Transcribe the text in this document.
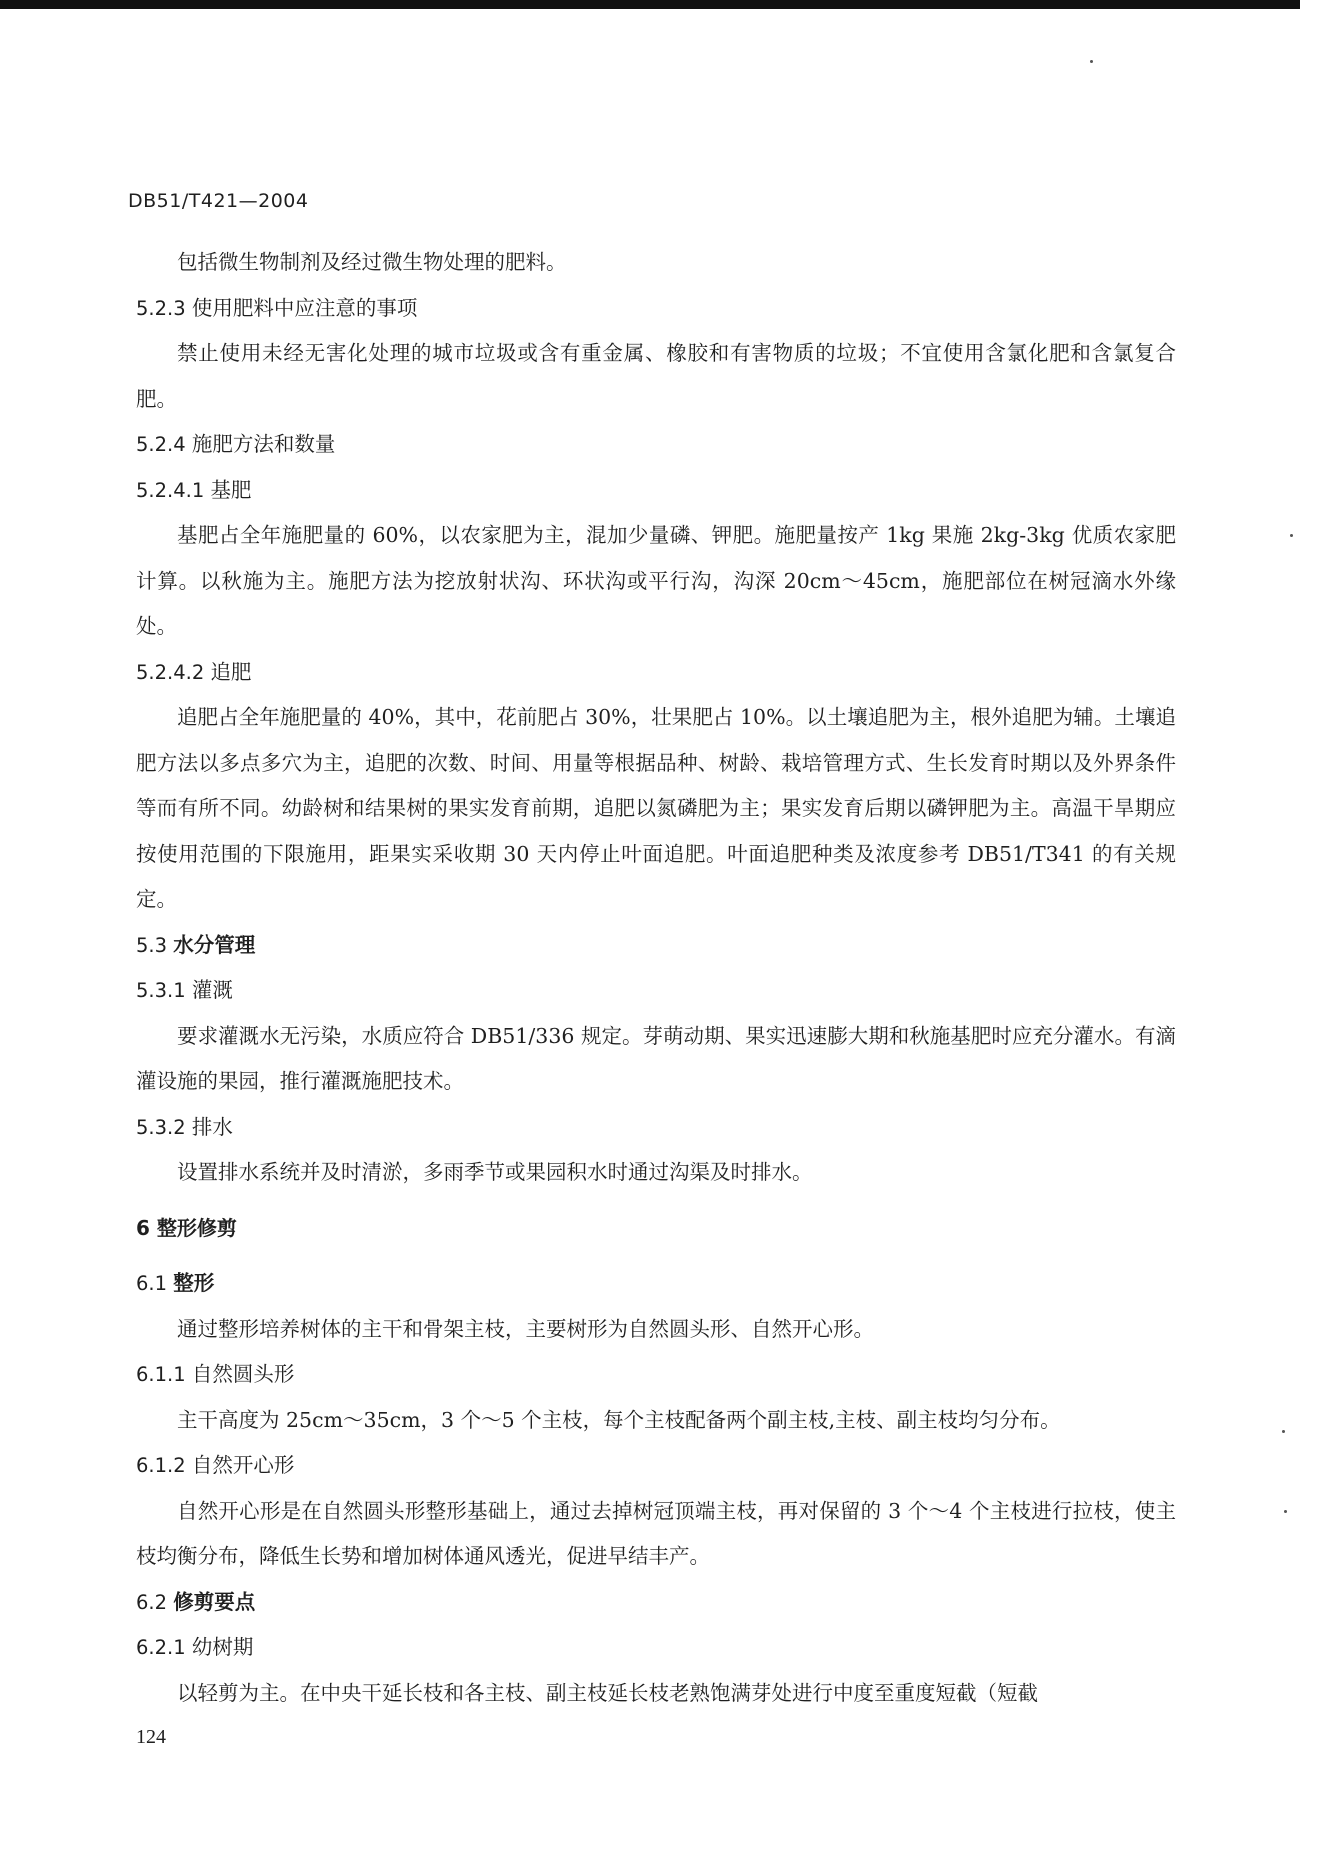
DB51/T421—2004

包括微生物制剂及经过微生物处理的肥料。

5.2.3 使用肥料中应注意的事项

禁止使用未经无害化处理的城市垃圾或含有重金属、橡胶和有害物质的垃圾；不宜使用含氯化肥和含氯复合肥。

5.2.4 施肥方法和数量

5.2.4.1 基肥

基肥占全年施肥量的 60%，以农家肥为主，混加少量磷、钾肥。施肥量按产 1kg 果施 2kg-3kg 优质农家肥计算。以秋施为主。施肥方法为挖放射状沟、环状沟或平行沟，沟深 20cm～45cm，施肥部位在树冠滴水外缘处。

5.2.4.2 追肥

追肥占全年施肥量的 40%，其中，花前肥占 30%，壮果肥占 10%。以土壤追肥为主，根外追肥为辅。土壤追肥方法以多点多穴为主，追肥的次数、时间、用量等根据品种、树龄、栽培管理方式、生长发育时期以及外界条件等而有所不同。幼龄树和结果树的果实发育前期，追肥以氮磷肥为主；果实发育后期以磷钾肥为主。高温干旱期应按使用范围的下限施用，距果实采收期 30 天内停止叶面追肥。叶面追肥种类及浓度参考 DB51/T341 的有关规定。

5.3 水分管理

5.3.1 灌溉

要求灌溉水无污染，水质应符合 DB51/336 规定。芽萌动期、果实迅速膨大期和秋施基肥时应充分灌水。有滴灌设施的果园，推行灌溉施肥技术。

5.3.2 排水

设置排水系统并及时清淤，多雨季节或果园积水时通过沟渠及时排水。

6 整形修剪

6.1 整形

通过整形培养树体的主干和骨架主枝，主要树形为自然圆头形、自然开心形。

6.1.1 自然圆头形

主干高度为 25cm～35cm，3 个～5 个主枝，每个主枝配备两个副主枝,主枝、副主枝均匀分布。

6.1.2 自然开心形

自然开心形是在自然圆头形整形基础上，通过去掉树冠顶端主枝，再对保留的 3 个～4 个主枝进行拉枝，使主枝均衡分布，降低生长势和增加树体通风透光，促进早结丰产。

6.2 修剪要点

6.2.1 幼树期

以轻剪为主。在中央干延长枝和各主枝、副主枝延长枝老熟饱满芽处进行中度至重度短截（短截

124
